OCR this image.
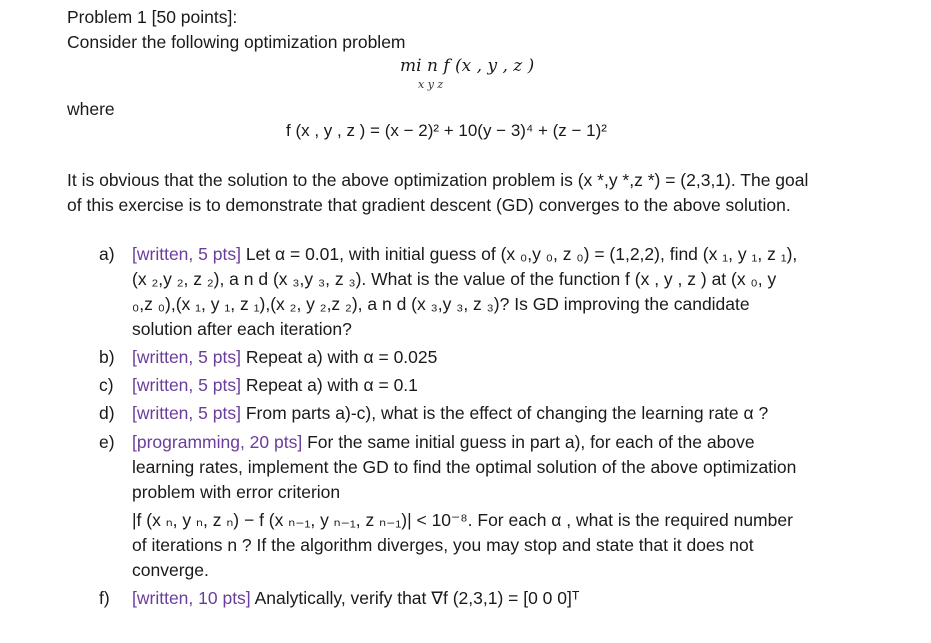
Problem 1 [50 points]:
Consider the following optimization problem
mi n f (x , y , z )
x y z
where
f (x , y , z ) = (x − 2)² + 10(y − 3)⁴ + (z − 1)²
It is obvious that the solution to the above optimization problem is (x *,y *,z *) = (2,3,1). The goal
of this exercise is to demonstrate that gradient descent (GD) converges to the above solution.
a) [written, 5 pts] Let α = 0.01, with initial guess of (x ₀,y ₀, z ₀) = (1,2,2), find (x ₁, y ₁, z ₁),
(x ₂,y ₂, z ₂), a n d (x ₃,y ₃, z ₃). What is the value of the function f (x , y , z ) at (x ₀, y
₀,z ₀),(x ₁, y ₁, z ₁),(x ₂, y ₂,z ₂), a n d (x ₃,y ₃, z ₃)? Is GD improving the candidate
solution after each iteration?
b) [written, 5 pts] Repeat a) with α = 0.025
c) [written, 5 pts] Repeat a) with α = 0.1
d) [written, 5 pts] From parts a)-c), what is the effect of changing the learning rate α ?
e) [programming, 20 pts] For the same initial guess in part a), for each of the above
learning rates, implement the GD to find the optimal solution of the above optimization
problem with error criterion
|f (x ₙ, y ₙ, z ₙ) − f (x ₙ₋₁, y ₙ₋₁, z ₙ₋₁)| < 10⁻⁸. For each α , what is the required number
of iterations n ? If the algorithm diverges, you may stop and state that it does not
converge.
f) [written, 10 pts] Analytically, verify that ∇f (2,3,1) = [0 0 0]ᵀ
